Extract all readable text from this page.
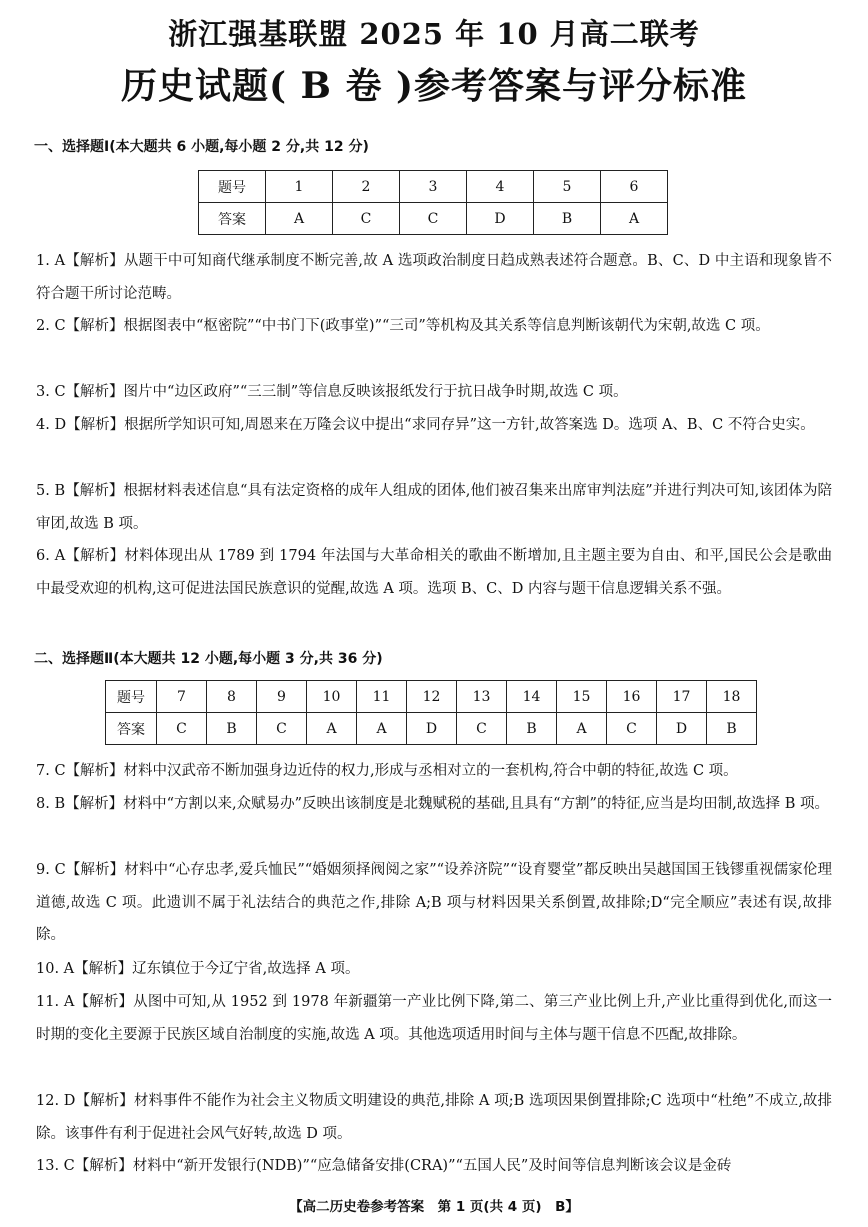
浙江强基联盟 2025 年 10 月高二联考
历史试题( B 卷 )参考答案与评分标准
一、选择题Ⅰ(本大题共 6 小题,每小题 2 分,共 12 分)
题号	1	2	3	4	5	6
答案	A	C	C	D	B	A
1. A【解析】从题干中可知商代继承制度不断完善,故 A 选项政治制度日趋成熟表述符合题意。B、C、D 中主语和现象皆不符合题干所讨论范畴。
2. C【解析】根据图表中“枢密院”“中书门下(政事堂)”“三司”等机构及其关系等信息判断该朝代为宋朝,故选 C 项。
3. C【解析】图片中“边区政府”“三三制”等信息反映该报纸发行于抗日战争时期,故选 C 项。
4. D【解析】根据所学知识可知,周恩来在万隆会议中提出“求同存异”这一方针,故答案选 D。选项 A、B、C 不符合史实。
5. B【解析】根据材料表述信息“具有法定资格的成年人组成的团体,他们被召集来出席审判法庭”并进行判决可知,该团体为陪审团,故选 B 项。
6. A【解析】材料体现出从 1789 到 1794 年法国与大革命相关的歌曲不断增加,且主题主要为自由、和平,国民公会是歌曲中最受欢迎的机构,这可促进法国民族意识的觉醒,故选 A 项。选项 B、C、D 内容与题干信息逻辑关系不强。
二、选择题Ⅱ(本大题共 12 小题,每小题 3 分,共 36 分)
题号	7	8	9	10	11	12	13	14	15	16	17	18
答案	C	B	C	A	A	D	C	B	A	C	D	B
7. C【解析】材料中汉武帝不断加强身边近侍的权力,形成与丞相对立的一套机构,符合中朝的特征,故选 C 项。
8. B【解析】材料中“方割以来,众赋易办”反映出该制度是北魏赋税的基础,且具有“方割”的特征,应当是均田制,故选择 B 项。
9. C【解析】材料中“心存忠孝,爱兵恤民”“婚姻须择阀阅之家”“设养济院”“设育婴堂”都反映出吴越国国王钱镠重视儒家伦理道德,故选 C 项。此遗训不属于礼法结合的典范之作,排除 A;B 项与材料因果关系倒置,故排除;D“完全顺应”表述有误,故排除。
10. A【解析】辽东镇位于今辽宁省,故选择 A 项。
11. A【解析】从图中可知,从 1952 到 1978 年新疆第一产业比例下降,第二、第三产业比例上升,产业比重得到优化,而这一时期的变化主要源于民族区域自治制度的实施,故选 A 项。其他选项适用时间与主体与题干信息不匹配,故排除。
12. D【解析】材料事件不能作为社会主义物质文明建设的典范,排除 A 项;B 选项因果倒置排除;C 选项中“杜绝”不成立,故排除。该事件有利于促进社会风气好转,故选 D 项。
13. C【解析】材料中“新开发银行(NDB)”“应急储备安排(CRA)”“五国人民”及时间等信息判断该会议是金砖
【高二历史卷参考答案　第 1 页(共 4 页)　B】
